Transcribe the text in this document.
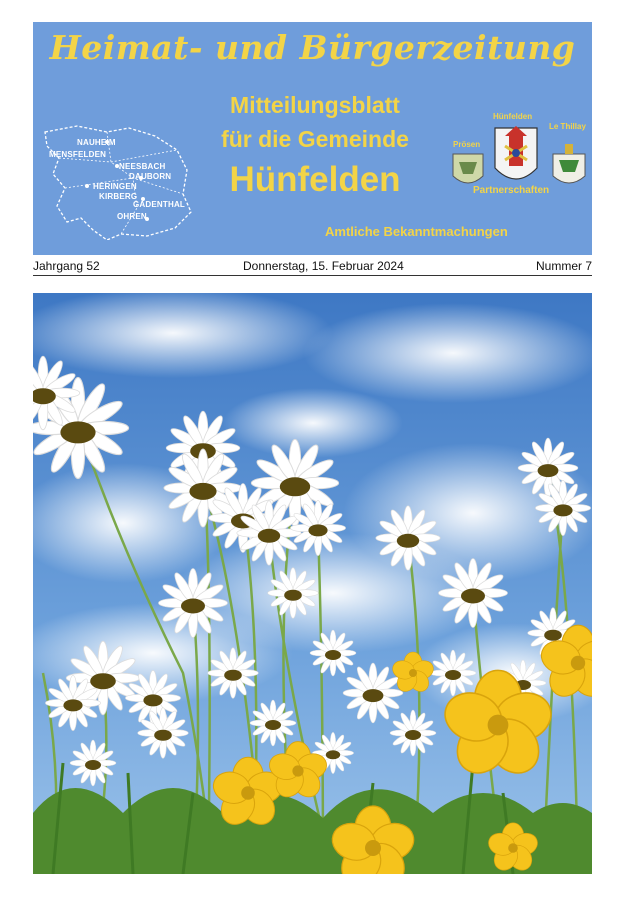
Heimat- und Bürgerzeitung
Mitteilungsblatt
für die Gemeinde
Hünfelden
NAUHEIM
MENSFELDEN
NEESBACH
DAUBORN
HERINGEN
KIRBERG
GADENTHAL
OHREN
Prösen
Hünfelden
Le Thillay
Partnerschaften
Amtliche Bekanntmachungen
Jahrgang 52	Donnerstag, 15. Februar 2024	Nummer 7
